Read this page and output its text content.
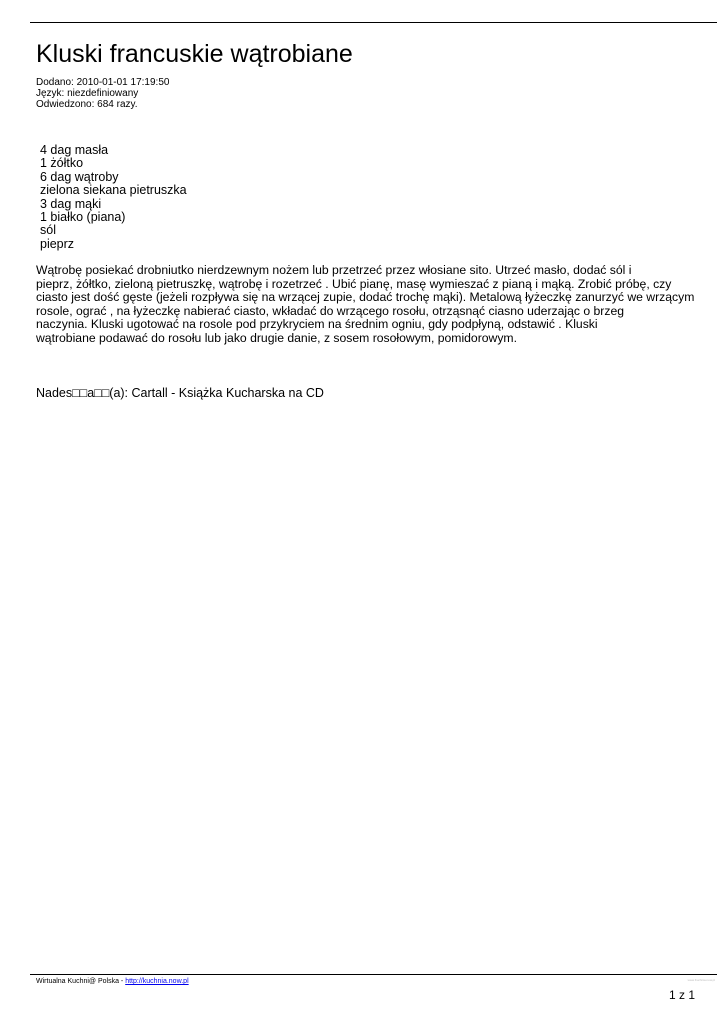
Kluski francuskie wątrobiane
Dodano: 2010-01-01 17:19:50
Język: niezdefiniowany
Odwiedzono: 684 razy.
4 dag masła
1 żółtko
6 dag wątroby
zielona siekana pietruszka
3 dag mąki
1 białko (piana)
sól
pieprz

Wątrobę posiekać drobniutko nierdzewnym nożem lub przetrzeć przez włosiane sito. Utrzeć masło, dodać sól i
pieprz, żółtko, zieloną pietruszkę, wątrobę i rozetrzeć . Ubić pianę, masę wymieszać z pianą i mąką. Zrobić próbę, czy
ciasto jest dość gęste (jeżeli rozpływa się na wrzącej zupie, dodać trochę mąki). Metalową łyżeczkę zanurzyć we wrzącym
rosole, ograć , na łyżeczkę nabierać ciasto, wkładać do wrzącego rosołu, otrząsnąć ciasno uderzając o brzeg
naczynia. Kluski ugotować na rosole pod przykryciem na średnim ogniu, gdy podpłyną, odstawić . Kluski
wątrobiane podawać do rosołu lub jako drugie danie, z sosem rosołowym, pomidorowym.

Nades□□a□□(a): Cartall - Książka Kucharska na CD
Wirtualna Kuchni@ Polska - http://kuchnia.now.pl	www.Kuchnia.now.pl
1 z 1
